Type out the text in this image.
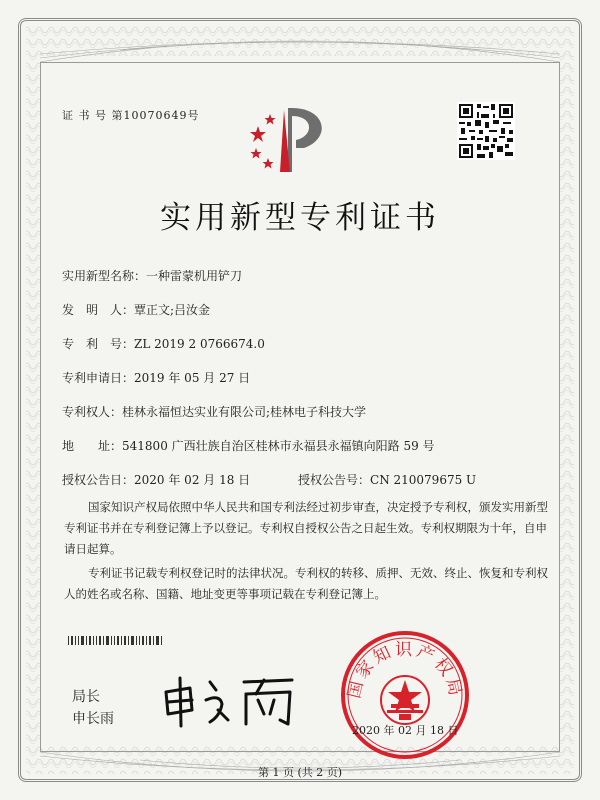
证 书 号 第10070649号
实用新型专利证书
实用新型名称：一种雷蒙机用铲刀
发　明　人：覃正文;吕汝金
专　利　号：ZL 2019 2 0766674.0
专利申请日：2019 年 05 月 27 日
专利权人：桂林永福恒达实业有限公司;桂林电子科技大学
地　　址：541800 广西壮族自治区桂林市永福县永福镇向阳路 59 号
授权公告日：2020 年 02 月 18 日	授权公告号：CN 210079675 U
国家知识产权局依照中华人民共和国专利法经过初步审查，决定授予专利权，颁发实用新型专利证书并在专利登记簿上予以登记。专利权自授权公告之日起生效。专利权期限为十年，自申请日起算。
专利证书记载专利权登记时的法律状况。专利权的转移、质押、无效、终止、恢复和专利权人的姓名或名称、国籍、地址变更等事项记载在专利登记簿上。
局长
申长雨
国家知识产权局
2020 年 02 月 18 日
第 1 页 (共 2 页)
